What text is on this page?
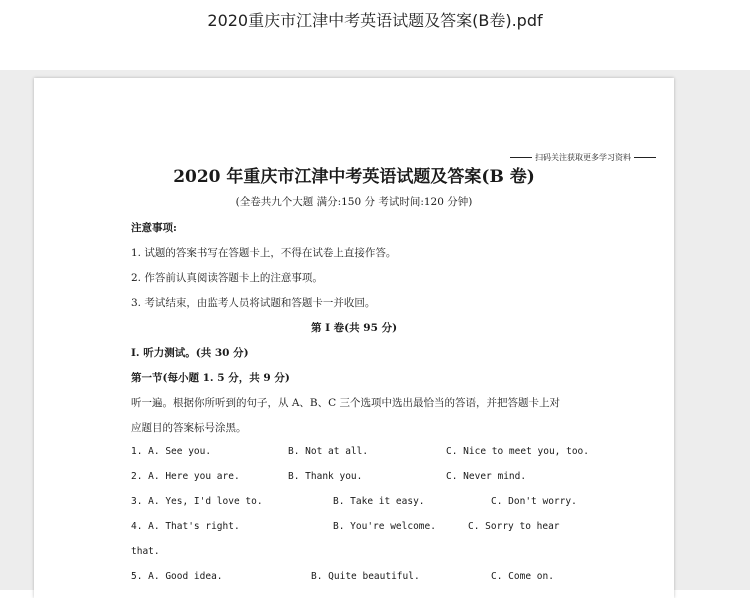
2020重庆市江津中考英语试题及答案(B卷).pdf
扫码关注获取更多学习资料
2020 年重庆市江津中考英语试题及答案(B 卷)
(全卷共九个大题 满分:150 分 考试时间:120 分钟)
注意事项:
1. 试题的答案书写在答题卡上，不得在试卷上直接作答。
2. 作答前认真阅读答题卡上的注意事项。
3. 考试结束，由监考人员将试题和答题卡一并收回。
第 I 卷(共 95 分)
I. 听力测试。(共 30 分)
第一节(每小题 1. 5 分，共 9 分)
听一遍。根据你所听到的句子，从 A、B、C 三个选项中选出最恰当的答语，并把答题卡上对
应题目的答案标号涂黑。
1. A. See you.	B. Not at all.	C. Nice to meet you, too.
2. A. Here you are.	B. Thank you.	C. Never mind.
3. A. Yes, I'd love to.	B. Take it easy.	C. Don't worry.
4. A. That's right.	B. You're welcome.	C. Sorry to hear
that.
5. A. Good idea.	B. Quite beautiful.	C. Come on.
